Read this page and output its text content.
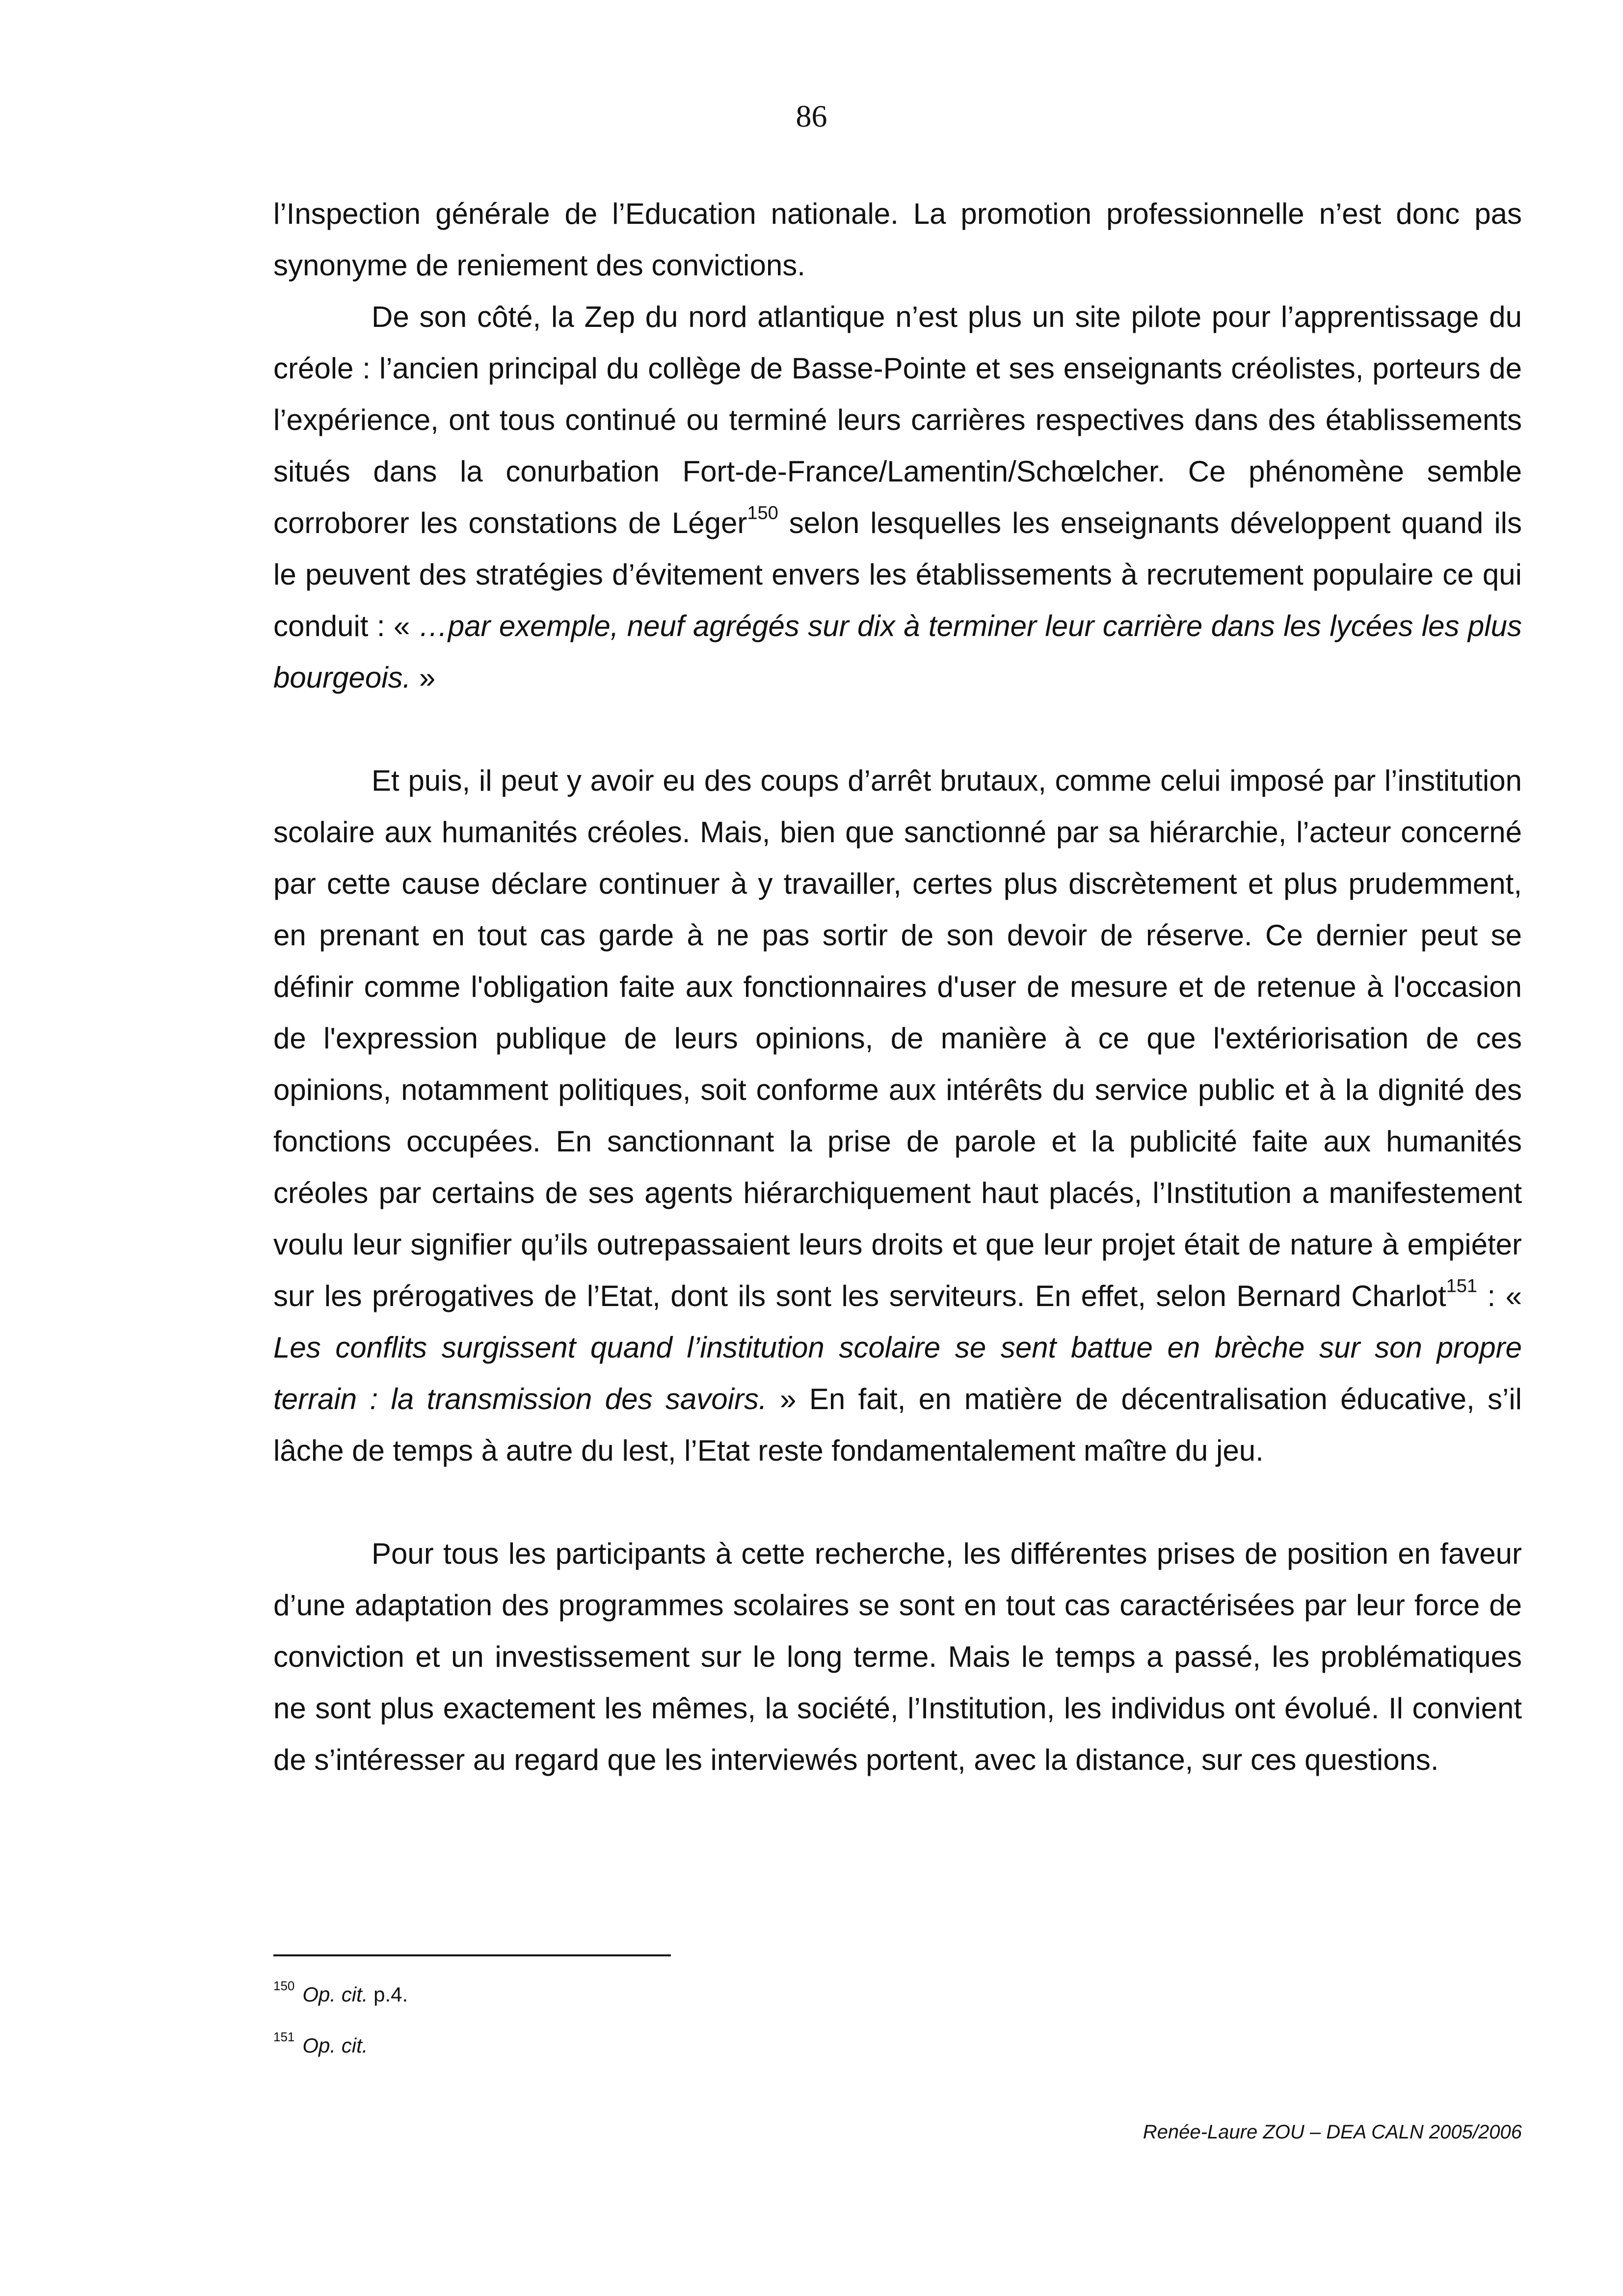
86

l’Inspection générale de l’Education nationale. La promotion professionnelle n’est donc pas synonyme de reniement des convictions.

De son côté, la Zep du nord atlantique n’est plus un site pilote pour l’apprentissage du créole : l’ancien principal du collège de Basse-Pointe et ses enseignants créolistes, porteurs de l’expérience, ont tous continué ou terminé leurs carrières respectives dans des établissements situés dans la conurbation Fort-de-France/Lamentin/Schœlcher. Ce phénomène semble corroborer les constations de Léger$^{150}$ selon lesquelles les enseignants développent quand ils le peuvent des stratégies d’évitement envers les établissements à recrutement populaire ce qui conduit : « …par exemple, neuf agrégés sur dix à terminer leur carrière dans les lycées les plus bourgeois. »

Et puis, il peut y avoir eu des coups d’arrêt brutaux, comme celui imposé par l’institution scolaire aux humanités créoles. Mais, bien que sanctionné par sa hiérarchie, l’acteur concerné par cette cause déclare continuer à y travailler, certes plus discrètement et plus prudemment, en prenant en tout cas garde à ne pas sortir de son devoir de réserve. Ce dernier peut se définir comme l'obligation faite aux fonctionnaires d'user de mesure et de retenue à l'occasion de l'expression publique de leurs opinions, de manière à ce que l'extériorisation de ces opinions, notamment politiques, soit conforme aux intérêts du service public et à la dignité des fonctions occupées. En sanctionnant la prise de parole et la publicité faite aux humanités créoles par certains de ses agents hiérarchiquement haut placés, l’Institution a manifestement voulu leur signifier qu’ils outrepassaient leurs droits et que leur projet était de nature à empiéter sur les prérogatives de l’Etat, dont ils sont les serviteurs. En effet, selon Bernard Charlot$^{151}$ : « Les conflits surgissent quand l’institution scolaire se sent battue en brèche sur son propre terrain : la transmission des savoirs. » En fait, en matière de décentralisation éducative, s’il lâche de temps à autre du lest, l’Etat reste fondamentalement maître du jeu.

Pour tous les participants à cette recherche, les différentes prises de position en faveur d’une adaptation des programmes scolaires se sont en tout cas caractérisées par leur force de conviction et un investissement sur le long terme. Mais le temps a passé, les problématiques ne sont plus exactement les mêmes, la société, l’Institution, les individus ont évolué. Il convient de s’intéresser au regard que les interviewés portent, avec la distance, sur ces questions.

$^{150}$ Op. cit. p.4.

$^{151}$ Op. cit.

Renée-Laure ZOU – DEA CALN 2005/2006
